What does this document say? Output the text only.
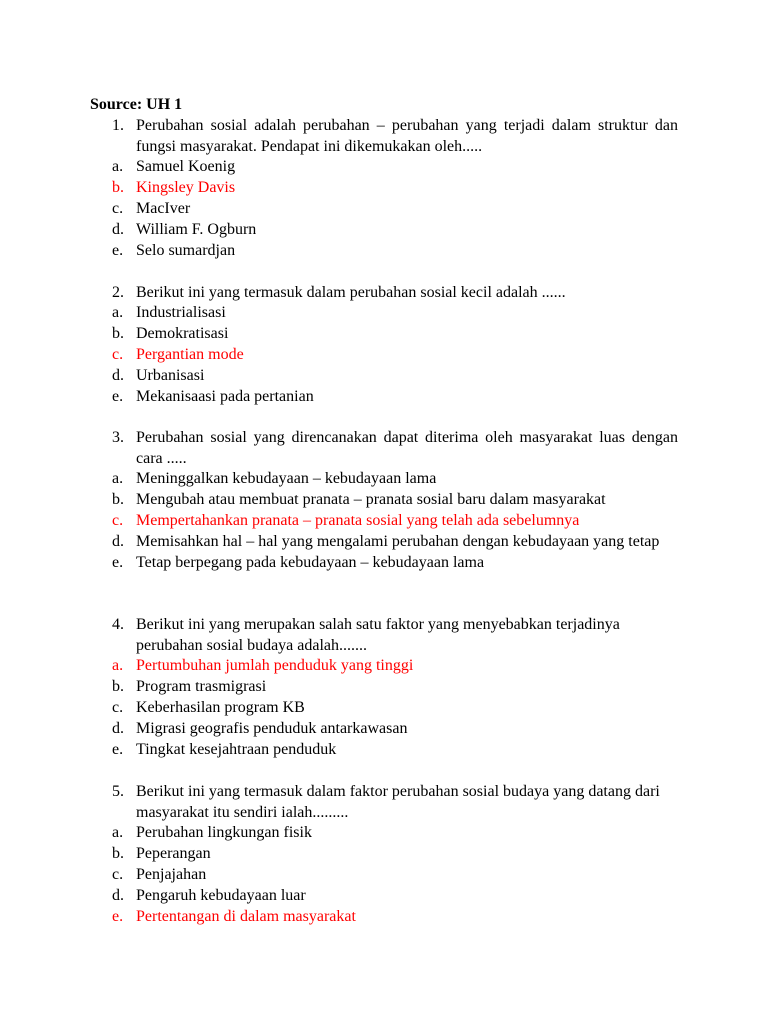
Source: UH 1
1. Perubahan sosial adalah perubahan – perubahan yang terjadi dalam struktur dan fungsi masyarakat. Pendapat ini dikemukakan oleh.....
a. Samuel Koenig
b. Kingsley Davis
c. MacIver
d. William F. Ogburn
e. Selo sumardjan
2. Berikut ini yang termasuk dalam perubahan sosial kecil adalah ......
a. Industrialisasi
b. Demokratisasi
c. Pergantian mode
d. Urbanisasi
e. Mekanisaasi pada pertanian
3. Perubahan sosial yang direncanakan dapat diterima oleh masyarakat luas dengan cara .....
a. Meninggalkan kebudayaan – kebudayaan lama
b. Mengubah atau membuat pranata – pranata sosial baru dalam masyarakat
c. Mempertahankan pranata – pranata sosial yang telah ada sebelumnya
d. Memisahkan hal – hal yang mengalami perubahan dengan kebudayaan yang tetap
e. Tetap berpegang pada kebudayaan – kebudayaan lama
4. Berikut ini yang merupakan salah satu faktor yang menyebabkan terjadinya perubahan sosial budaya adalah.......
a. Pertumbuhan jumlah penduduk yang tinggi
b. Program trasmigrasi
c. Keberhasilan program KB
d. Migrasi geografis penduduk antarkawasan
e. Tingkat kesejahtraan penduduk
5. Berikut ini yang termasuk dalam faktor perubahan sosial budaya yang datang dari masyarakat itu sendiri ialah.........
a. Perubahan lingkungan fisik
b. Peperangan
c. Penjajahan
d. Pengaruh kebudayaan luar
e. Pertentangan di dalam masyarakat
